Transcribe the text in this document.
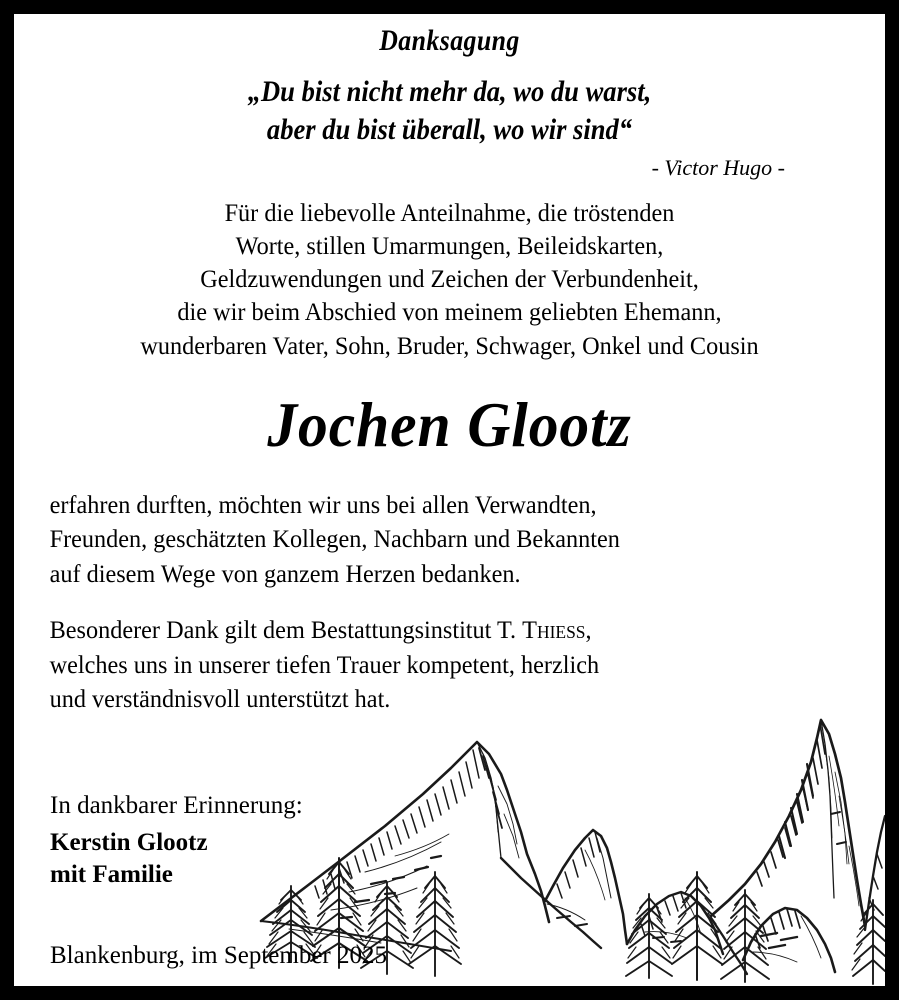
Danksagung
„Du bist nicht mehr da, wo du warst,
aber du bist überall, wo wir sind“
- Victor Hugo -
Für die liebevolle Anteilnahme, die tröstenden
Worte, stillen Umarmungen, Beileidskarten,
Geldzuwendungen und Zeichen der Verbundenheit,
die wir beim Abschied von meinem geliebten Ehemann,
wunderbaren Vater, Sohn, Bruder, Schwager, Onkel und Cousin
Jochen Glootz
erfahren durften, möchten wir uns bei allen Verwandten,
Freunden, geschätzten Kollegen, Nachbarn und Bekannten
auf diesem Wege von ganzem Herzen bedanken.
Besonderer Dank gilt dem Bestattungsinstitut T. Thieß,
welches uns in unserer tiefen Trauer kompetent, herzlich
und verständnisvoll unterstützt hat.
In dankbarer Erinnerung:
Kerstin Glootz
mit Familie
Blankenburg, im September 2025
